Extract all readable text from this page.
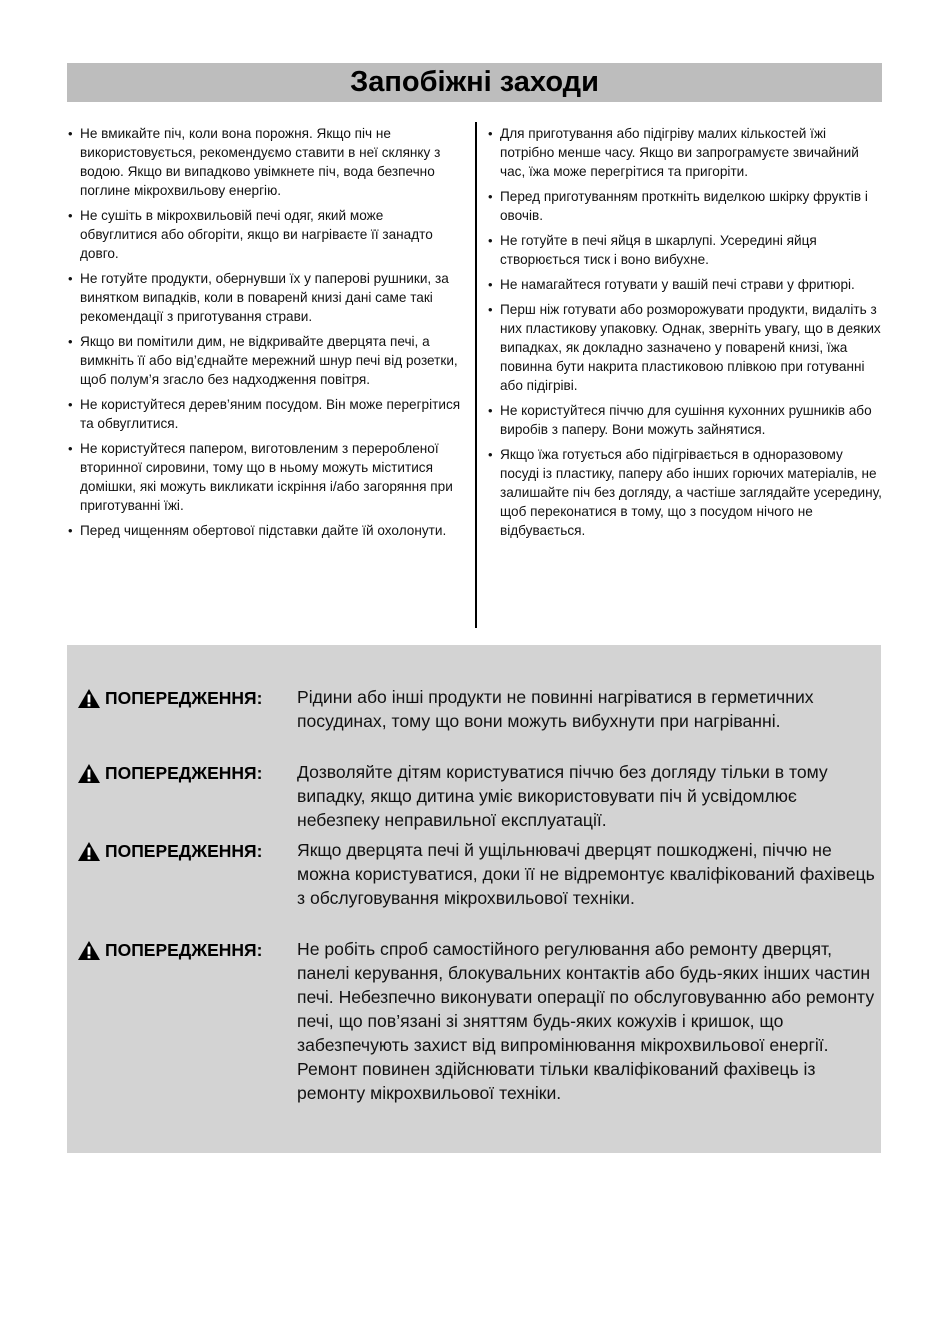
Запобіжні заходи
• Не вмикайте піч, коли вона порожня. Якщо піч не використовується, рекомендуємо ставити в неї склянку з водою. Якщо ви випадково увімкнете піч, вода безпечно поглине мікрохвильову енергію.
• Не сушіть в мікрохвильовій печі одяг, який може обвуглитися або обгоріти, якщо ви нагріваєте її занадто довго.
• Не готуйте продукти, обернувши їх у паперові рушники, за винятком випадків, коли в поваренй книзі дані саме такі рекомендації з приготування страви.
• Якщо ви помітили дим, не відкривайте дверцята печі, а вимкніть її або від’єднайте мережний шнур печі від розетки, щоб полум’я згасло без надходження повітря.
• Не користуйтеся дерев’яним посудом. Він може перегрітися та обвуглитися.
• Не користуйтеся папером, виготовленим з переробленої вторинної сировини, тому що в ньому можуть міститися домішки, які можуть викликати іскріння і/або загоряння при приготуванні їжі.
• Перед чищенням обертової підставки дайте їй охолонути.
• Для приготування або підігріву малих кількостей їжі потрібно менше часу. Якщо ви запрограмуєте звичайний час, їжа може перегрітися та пригоріти.
• Перед приготуванням проткніть виделкою шкірку фруктів і овочів.
• Не готуйте в печі яйця в шкарлупі. Усередині яйця створюється тиск і воно вибухне.
• Не намагайтеся готувати у вашій печі страви у фритюрі.
• Перш ніж готувати або розморожувати продукти, видаліть з них пластикову упаковку. Однак, зверніть увагу, що в деяких випадках, як докладно зазначено у поваренй книзі, їжа повинна бути накрита пластиковою плівкою при готуванні або підігріві.
• Не користуйтеся піччю для сушіння кухонних рушників або виробів з паперу. Вони можуть зайнятися.
• Якщо їжа готується або підігрівається в одноразовому посуді із пластику, паперу або інших горючих матеріалів, не залишайте піч без догляду, а частіше заглядайте усередину, щоб переконатися в тому, що з посудом нічого не відбувається.
ПОПЕРЕДЖЕННЯ: Рідини або інші продукти не повинні нагріватися в герметичних посудинах, тому що вони можуть вибухнути при нагріванні.
ПОПЕРЕДЖЕННЯ: Дозволяйте дітям користуватися піччю без догляду тільки в тому випадку, якщо дитина уміє використовувати піч й усвідомлює небезпеку неправильної експлуатації.
ПОПЕРЕДЖЕННЯ: Якщо дверцята печі й ущільнювачі дверцят пошкоджені, піччю не можна користуватися, доки її не відремонтує кваліфікований фахівець з обслуговування мікрохвильової техніки.
ПОПЕРЕДЖЕННЯ: Не робіть спроб самостійного регулювання або ремонту дверцят, панелі керування, блокувальних контактів або будь-яких інших частин печі. Небезпечно виконувати операції по обслуговуванню або ремонту печі, що пов’язані зі зняттям будь-яких кожухів і кришок, що забезпечують захист від випромінювання мікрохвильової енергії. Ремонт повинен здійснювати тільки кваліфікований фахівець із ремонту мікрохвильової техніки.
